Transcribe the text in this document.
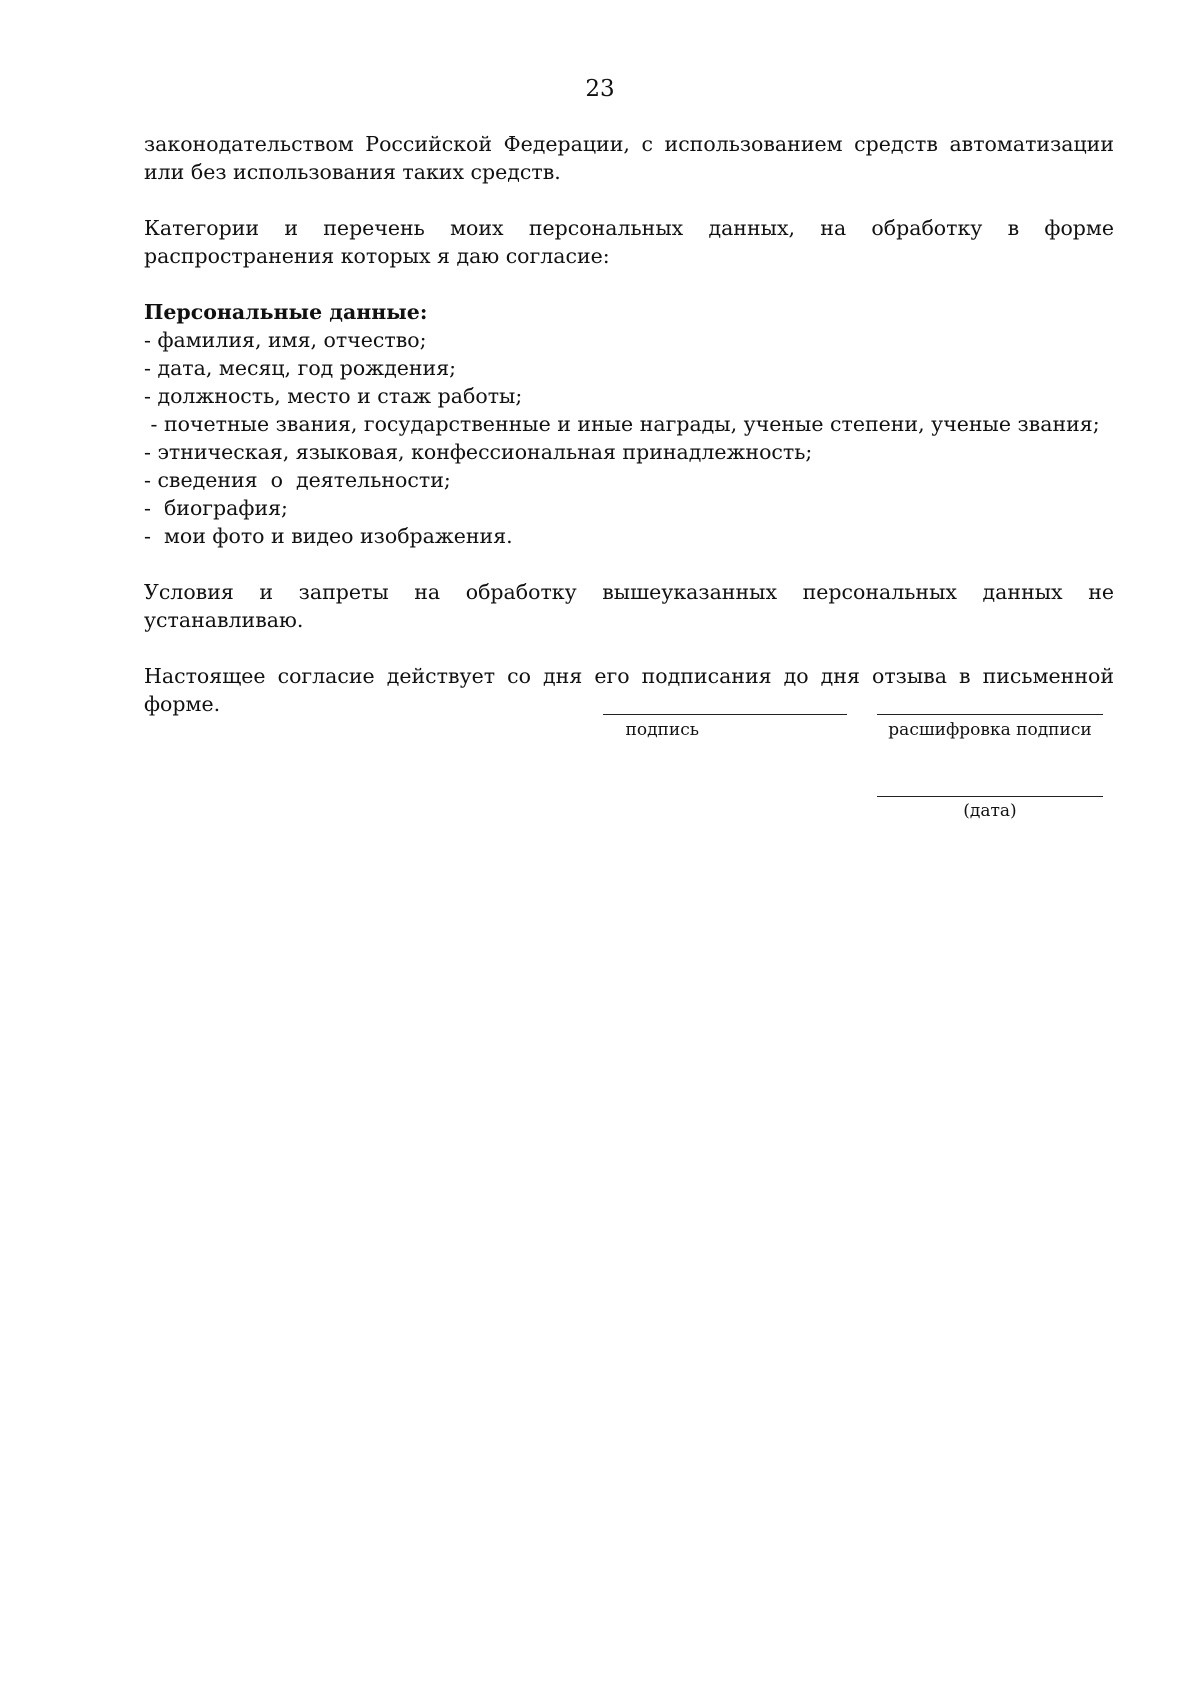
23

законодательством Российской Федерации, с использованием средств автоматизации или без использования таких средств.

Категории и перечень моих персональных данных, на обработку в форме распространения которых я даю согласие:

Персональные данные:

- фамилия, имя, отчество;
- дата, месяц, год рождения;
- должность, место и стаж работы;
- почетные звания, государственные и иные награды, ученые степени, ученые звания;
- этническая, языковая, конфессиональная принадлежность;
- сведения  о  деятельности;
-  биография;
-  мои фото и видео изображения.

Условия и запреты на обработку вышеуказанных персональных данных не устанавливаю.

Настоящее согласие действует со дня его подписания до дня отзыва в письменной форме.

подпись	расшифровка подписи
(дата)
